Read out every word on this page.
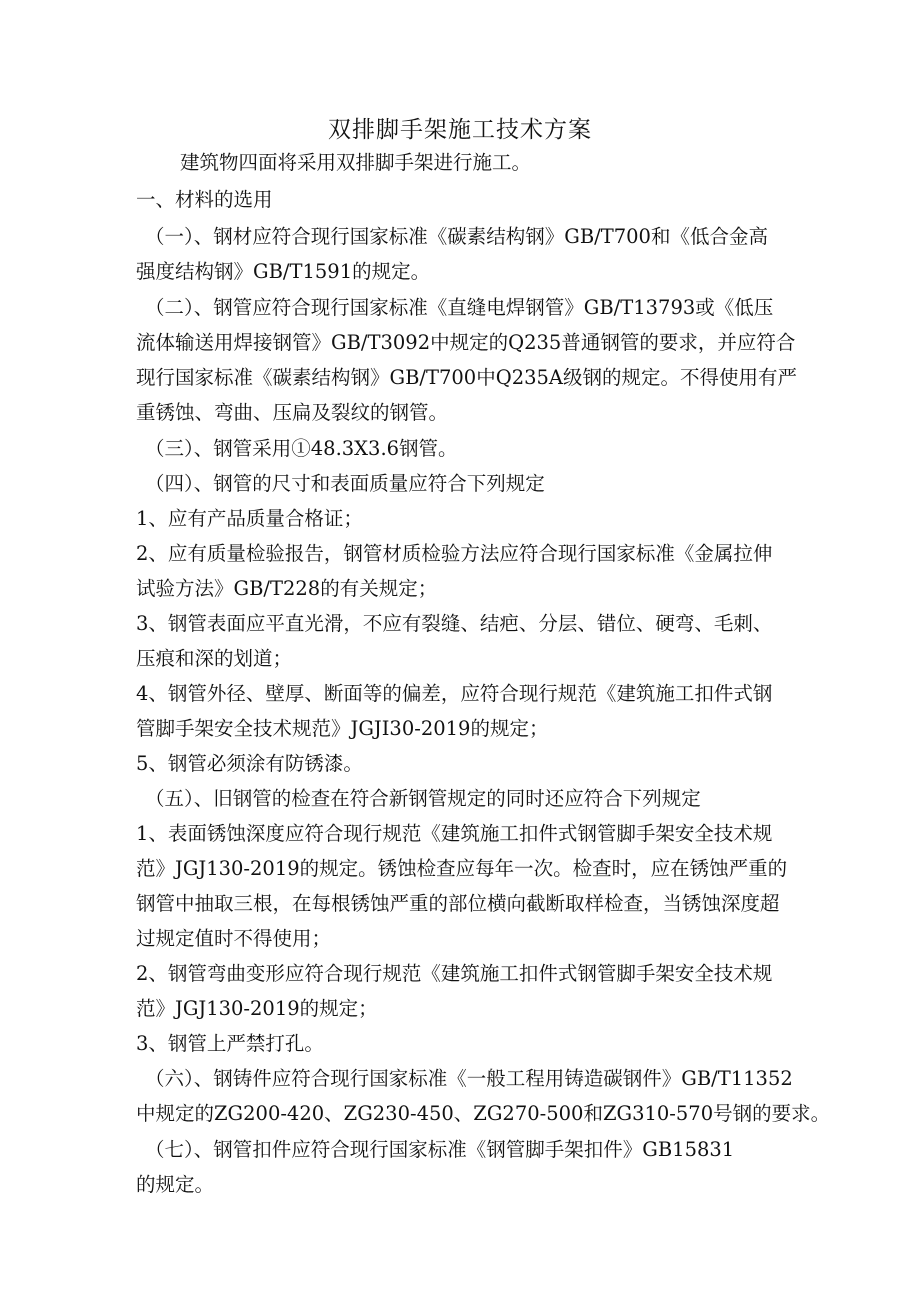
双排脚手架施工技术方案
建筑物四面将采用双排脚手架进行施工。
一、材料的选用
（一）、钢材应符合现行国家标准《碳素结构钢》GB/T700和《低合金高
强度结构钢》GB/T1591的规定。
（二）、钢管应符合现行国家标准《直缝电焊钢管》GB/T13793或《低压
流体输送用焊接钢管》GB/T3092中规定的Q235普通钢管的要求，并应符合
现行国家标准《碳素结构钢》GB/T700中Q235A级钢的规定。不得使用有严
重锈蚀、弯曲、压扁及裂纹的钢管。
（三）、钢管采用①48.3X3.6钢管。
（四）、钢管的尺寸和表面质量应符合下列规定
1、应有产品质量合格证；
2、应有质量检验报告，钢管材质检验方法应符合现行国家标准《金属拉伸
试验方法》GB/T228的有关规定；
3、钢管表面应平直光滑，不应有裂缝、结疤、分层、错位、硬弯、毛刺、
压痕和深的划道；
4、钢管外径、壁厚、断面等的偏差，应符合现行规范《建筑施工扣件式钢
管脚手架安全技术规范》JGJI30-2019的规定；
5、钢管必须涂有防锈漆。
（五）、旧钢管的检查在符合新钢管规定的同时还应符合下列规定
1、表面锈蚀深度应符合现行规范《建筑施工扣件式钢管脚手架安全技术规
范》JGJ130-2019的规定。锈蚀检查应每年一次。检查时，应在锈蚀严重的
钢管中抽取三根，在每根锈蚀严重的部位横向截断取样检查，当锈蚀深度超
过规定值时不得使用；
2、钢管弯曲变形应符合现行规范《建筑施工扣件式钢管脚手架安全技术规
范》JGJ130-2019的规定；
3、钢管上严禁打孔。
（六）、钢铸件应符合现行国家标准《一般工程用铸造碳钢件》GB/T11352
中规定的ZG200-420、ZG230-450、ZG270-500和ZG310-570号钢的要求。
（七）、钢管扣件应符合现行国家标准《钢管脚手架扣件》GB15831
的规定。
